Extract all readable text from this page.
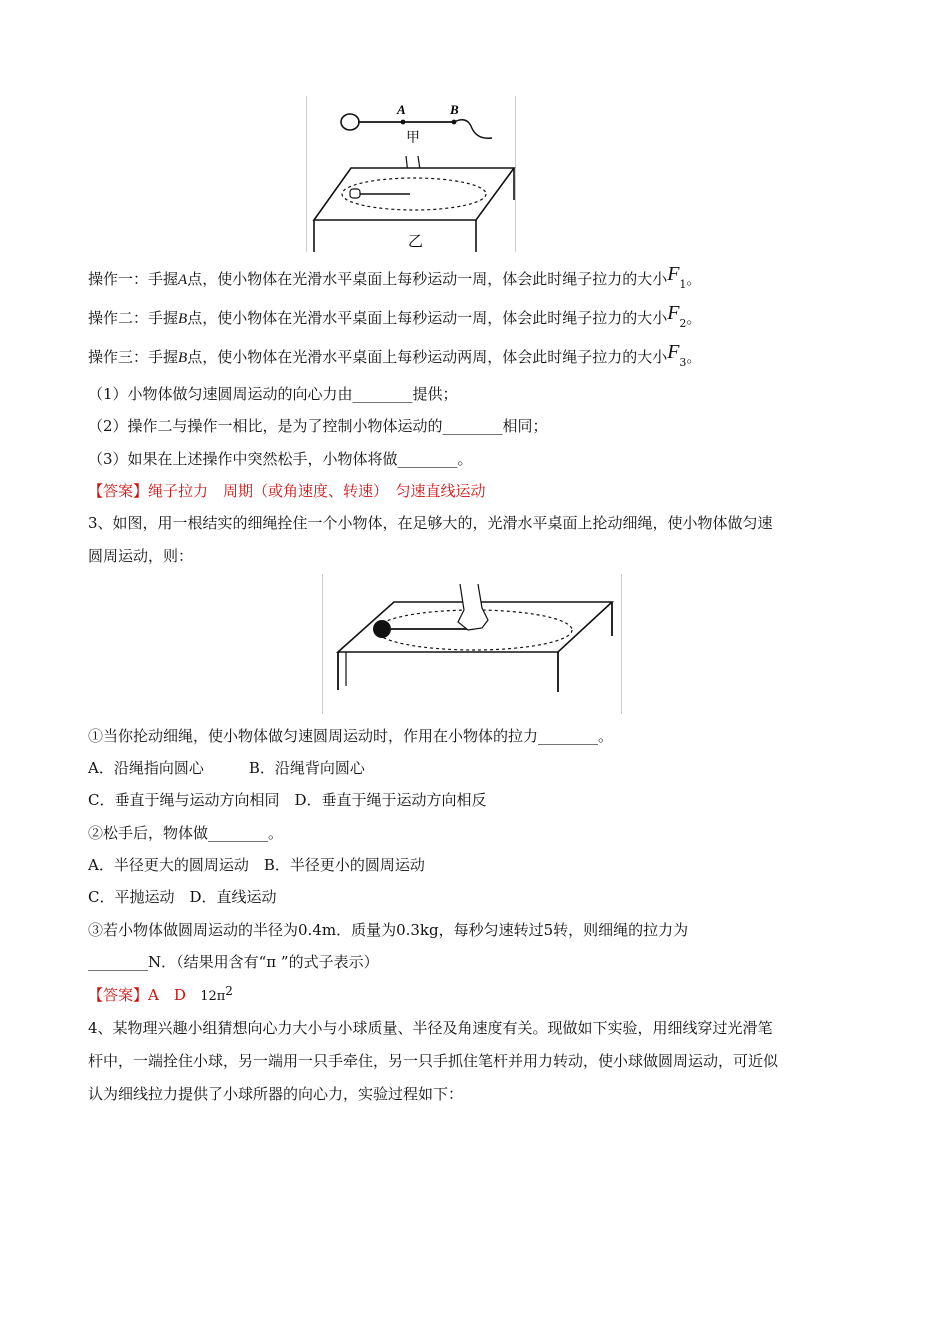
A	B
甲
乙
操作一：手握A点，使小物体在光滑水平桌面上每秒运动一周，体会此时绳子拉力的大小$F_1$。
操作二：手握B点，使小物体在光滑水平桌面上每秒运动一周，体会此时绳子拉力的大小$F_2$。
操作三：手握B点，使小物体在光滑水平桌面上每秒运动两周，体会此时绳子拉力的大小$F_3$。
（1）小物体做匀速圆周运动的向心力由________提供；
（2）操作二与操作一相比，是为了控制小物体运动的________相同；
（3）如果在上述操作中突然松手，小物体将做________。
【答案】绳子拉力　周期（或角速度、转速）　匀速直线运动
3、如图，用一根结实的细绳拴住一个小物体，在足够大的，光滑水平桌面上抡动细绳，使小物体做匀速
圆周运动，则：
①当你抡动细绳，使小物体做匀速圆周运动时，作用在小物体的拉力________。
A．沿绳指向圆心　　　B．沿绳背向圆心
C．垂直于绳与运动方向相同　D．垂直于绳于运动方向相反
②松手后，物体做________。
A．半径更大的圆周运动　B．半径更小的圆周运动
C．平抛运动　D．直线运动
③若小物体做圆周运动的半径为0.4m．质量为0.3kg，每秒匀速转过5转，则细绳的拉力为
________N．（结果用含有“π ”的式子表示）
【答案】A　D $12\pi^2$
4、某物理兴趣小组猜想向心力大小与小球质量、半径及角速度有关。现做如下实验，用细线穿过光滑笔
杆中，一端拴住小球，另一端用一只手牵住，另一只手抓住笔杆并用力转动，使小球做圆周运动，可近似
认为细线拉力提供了小球所器的向心力，实验过程如下：
